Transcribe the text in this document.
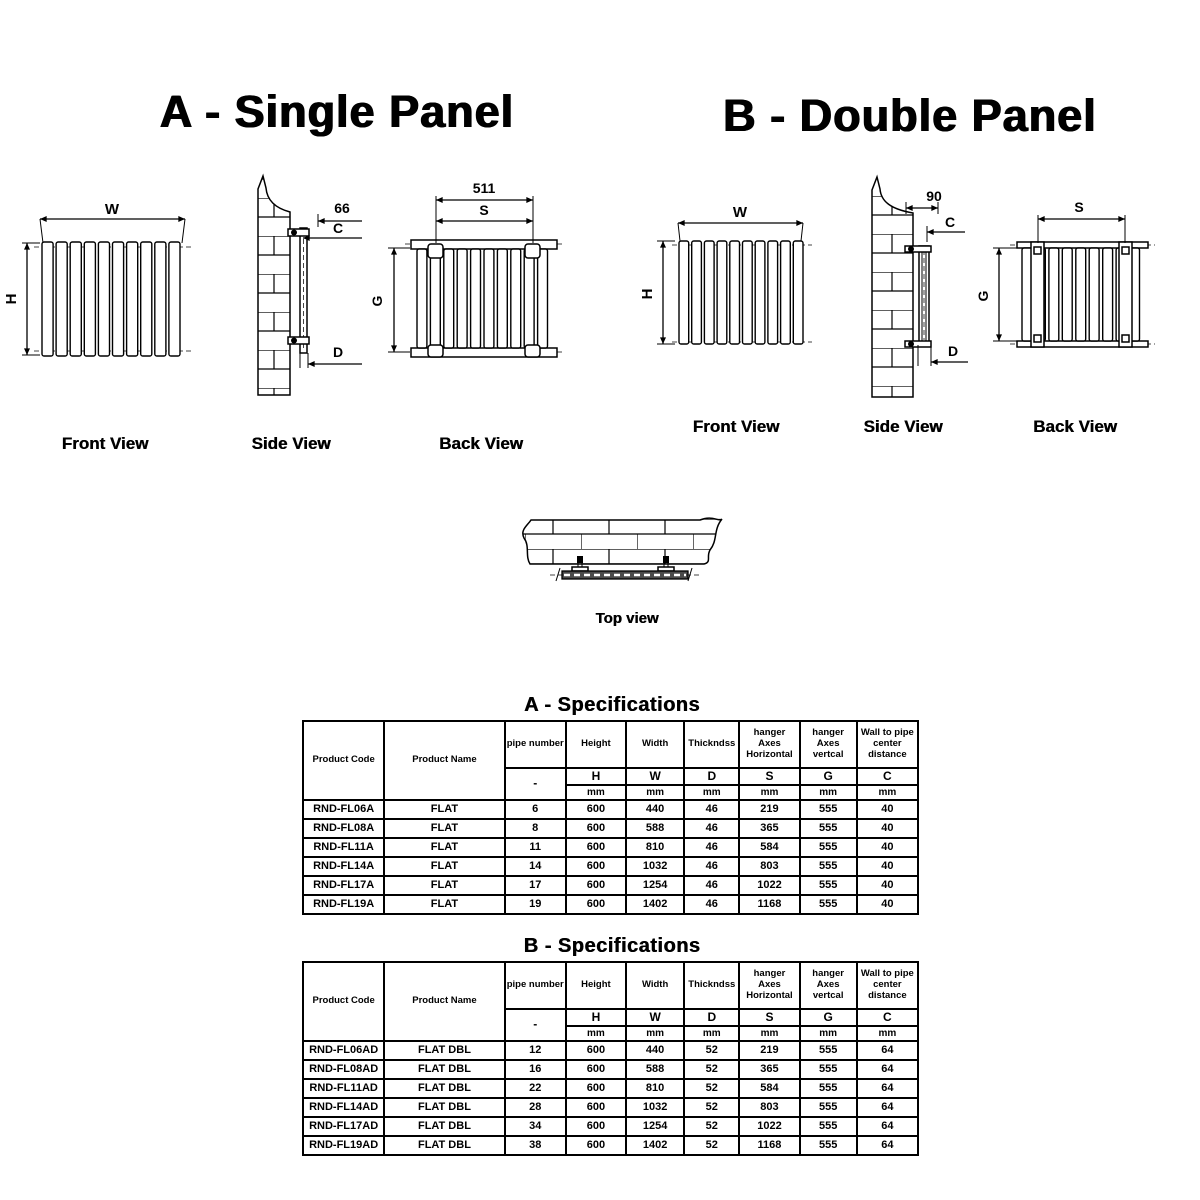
A - Single Panel	B - Double Panel
W
H
66
C
D
511
S
G
W
H
90
C
D
S
G
Front View	Side View	Back View
Front View	Side View	Back View
Top view
A - Specifications
Product Code	Product Name	pipe number	Height	Width	Thickndss	hanger Axes Horizontal	hanger Axes vertcal	Wall to pipe center distance
		-	H	W	D	S	G	C
			mm	mm	mm	mm	mm	mm
RND-FL06A	FLAT	6	600	440	46	219	555	40
RND-FL08A	FLAT	8	600	588	46	365	555	40
RND-FL11A	FLAT	11	600	810	46	584	555	40
RND-FL14A	FLAT	14	600	1032	46	803	555	40
RND-FL17A	FLAT	17	600	1254	46	1022	555	40
RND-FL19A	FLAT	19	600	1402	46	1168	555	40
B - Specifications
Product Code	Product Name	pipe number	Height	Width	Thickndss	hanger Axes Horizontal	hanger Axes vertcal	Wall to pipe center distance
		-	H	W	D	S	G	C
			mm	mm	mm	mm	mm	mm
RND-FL06AD	FLAT DBL	12	600	440	52	219	555	64
RND-FL08AD	FLAT DBL	16	600	588	52	365	555	64
RND-FL11AD	FLAT DBL	22	600	810	52	584	555	64
RND-FL14AD	FLAT DBL	28	600	1032	52	803	555	64
RND-FL17AD	FLAT DBL	34	600	1254	52	1022	555	64
RND-FL19AD	FLAT DBL	38	600	1402	52	1168	555	64
